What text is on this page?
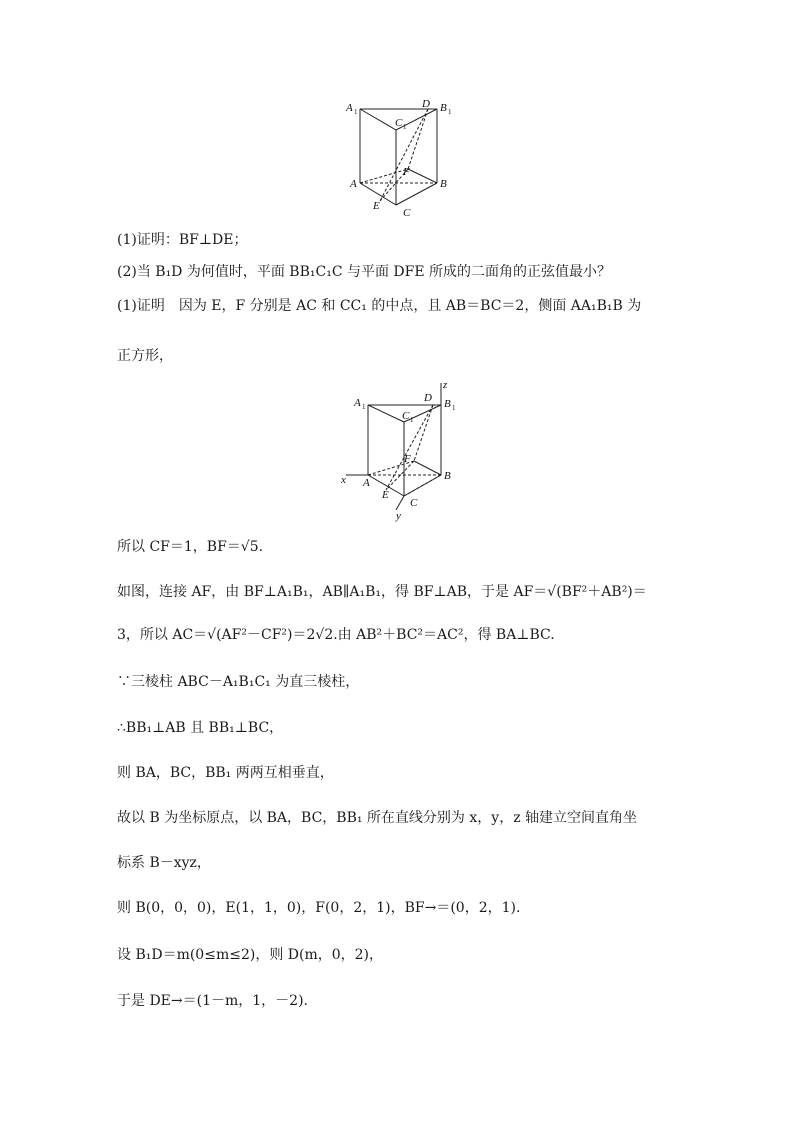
A 1	B 1
C 1
D
A	B
F
E
C
(1)证明：BF⊥DE；
(2)当 B₁D 为何值时，平面 BB₁C₁C 与平面 DFE 所成的二面角的正弦值最小？
(1)证明　因为 E，F 分别是 AC 和 CC₁ 的中点，且 AB＝BC＝2，侧面 AA₁B₁B 为
正方形，
z
x
y
A 1	B 1
C 1
D
A
B
F
E
C
所以 CF＝1，BF＝√5.
如图，连接 AF，由 BF⊥A₁B₁，AB∥A₁B₁，得 BF⊥AB，于是 AF＝√(BF²＋AB²)＝
3，所以 AC＝√(AF²－CF²)＝2√2.由 AB²＋BC²＝AC²，得 BA⊥BC.
∵三棱柱 ABC－A₁B₁C₁ 为直三棱柱，
∴BB₁⊥AB 且 BB₁⊥BC，
则 BA，BC，BB₁ 两两互相垂直，
故以 B 为坐标原点，以 BA，BC，BB₁ 所在直线分别为 x，y，z 轴建立空间直角坐
标系 B－xyz，
则 B(0，0，0)，E(1，1，0)，F(0，2，1)，BF→＝(0，2，1).
设 B₁D＝m(0≤m≤2)，则 D(m，0，2)，
于是 DE→＝(1－m，1，－2).
